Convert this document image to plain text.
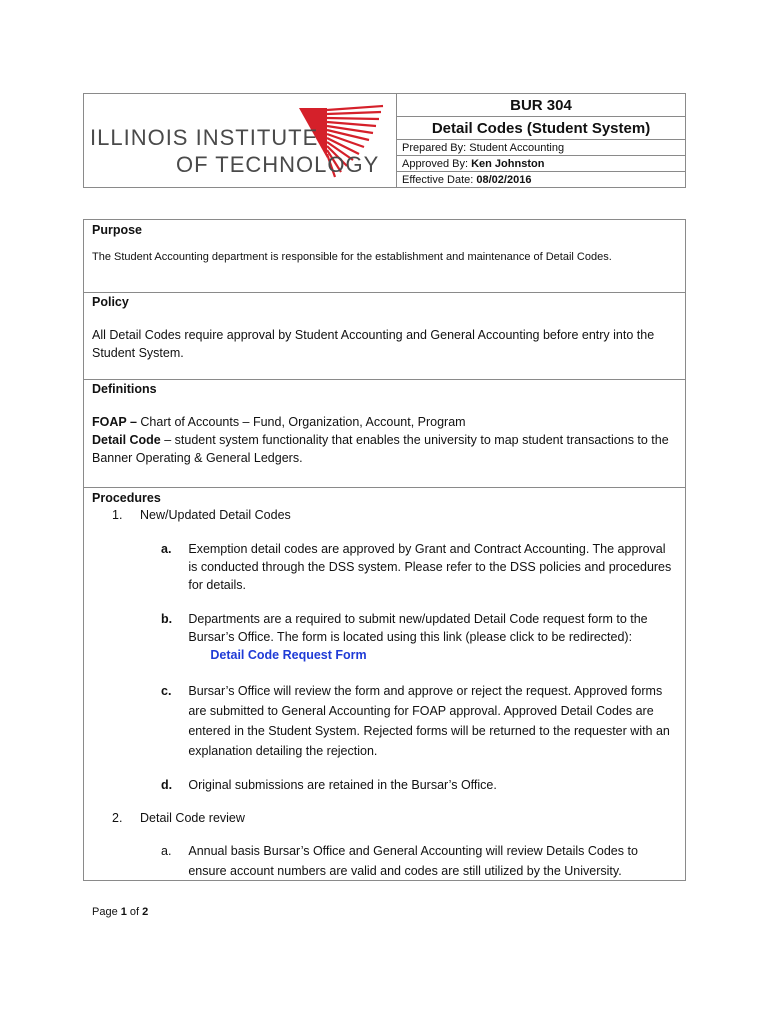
ILLINOIS INSTITUTE
OF TECHNOLOGY
BUR 304
Detail Codes (Student System)
Prepared By: Student Accounting
Approved By: Ken Johnston
Effective Date: 08/02/2016
Purpose

The Student Accounting department is responsible for the establishment and maintenance of Detail Codes.

Policy

All Detail Codes require approval by Student Accounting and General Accounting before entry into the Student System.

Definitions
FOAP – Chart of Accounts – Fund, Organization, Account, Program
Detail Code – student system functionality that enables the university to map student transactions to the Banner Operating & General Ledgers.
Procedures
1.	New/Updated Detail Codes
a.	Exemption detail codes are approved by Grant and Contract Accounting. The approval is conducted through the DSS system. Please refer to the DSS policies and procedures for details.
b.	Departments are a required to submit new/updated Detail Code request form to the Bursar’s Office. The form is located using this link (please click to be redirected):
Detail Code Request Form
c.	Bursar’s Office will review the form and approve or reject the request. Approved forms are submitted to General Accounting for FOAP approval. Approved Detail Codes are entered in the Student System. Rejected forms will be returned to the requester with an explanation detailing the rejection.
d.	Original submissions are retained in the Bursar’s Office.
2.	Detail Code review
a.	Annual basis Bursar’s Office and General Accounting will review Details Codes to ensure account numbers are valid and codes are still utilized by the University.
Page 1 of 2
